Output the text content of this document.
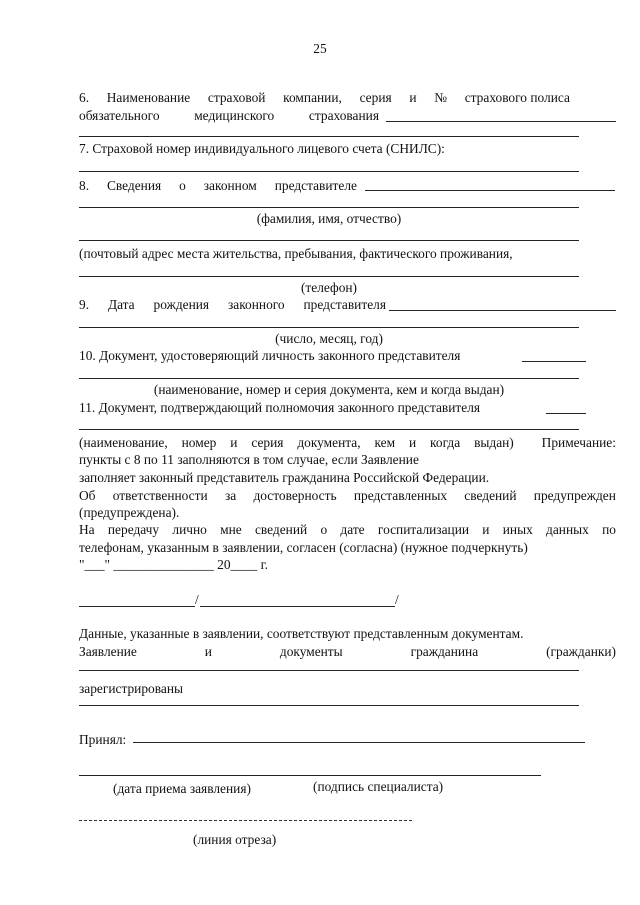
25
6. Наименование страховой компании, серия и № страхового полиса
обязательного	медицинского	страхования
7. Страховой номер индивидуального лицевого счета (СНИЛС):
8. Сведения о законном представителе
(фамилия, имя, отчество)
(почтовый адрес места жительства, пребывания, фактического проживания,
(телефон)
9. Дата рождения законного представителя
(число, месяц, год)
10. Документ, удостоверяющий личность законного представителя
(наименование, номер и серия документа, кем и когда выдан)
11. Документ, подтверждающий полномочия законного представителя
(наименование, номер и серия документа, кем и когда выдан) Примечание:
пункты с 8 по 11 заполняются в том случае, если Заявление
заполняет законный представитель гражданина Российской Федерации.
Об ответственности за достоверность представленных сведений предупрежден
(предупреждена).
На передачу лично мне сведений о дате госпитализации и иных данных по
телефонам, указанным в заявлении, согласен (согласна) (нужное подчеркнуть)
"___" _______________ 20____ г.
/	/
Данные, указанные в заявлении, соответствуют представленным документам.
Заявление	и	документы	гражданина	(гражданки)
зарегистрированы
Принял:
(дата приема заявления)	(подпись специалиста)
(линия отреза)
